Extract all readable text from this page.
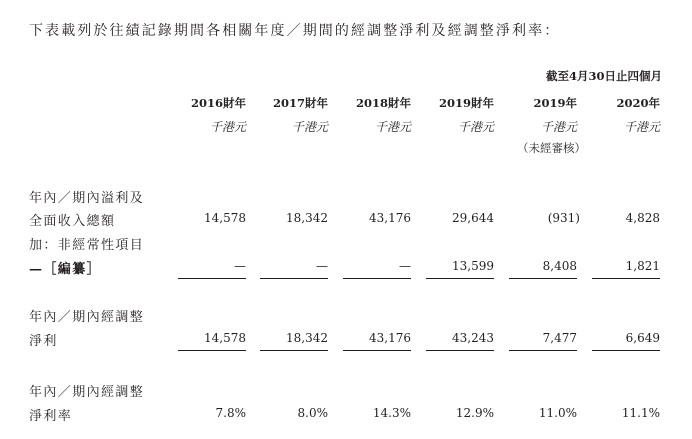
下表載列於往績記錄期間各相關年度／期間的經調整淨利及經調整淨利率：
截至4月30日止四個月
2016財年 2017財年 2018財年 2019財年	2019年	2020年
千港元	千港元	千港元	千港元	千港元	千港元
（未經審核）
年內／期內溢利及
全面收入總額	14,578	18,342	43,176	29,644	(931)	4,828
加：非經常性項目
—［編纂］	—	—	—	13,599	8,408	1,821
年內／期內經調整
淨利	14,578	18,342	43,176	43,243	7,477	6,649
年內／期內經調整
淨利率	7.8%	8.0%	14.3%	12.9%	11.0%	11.1%
